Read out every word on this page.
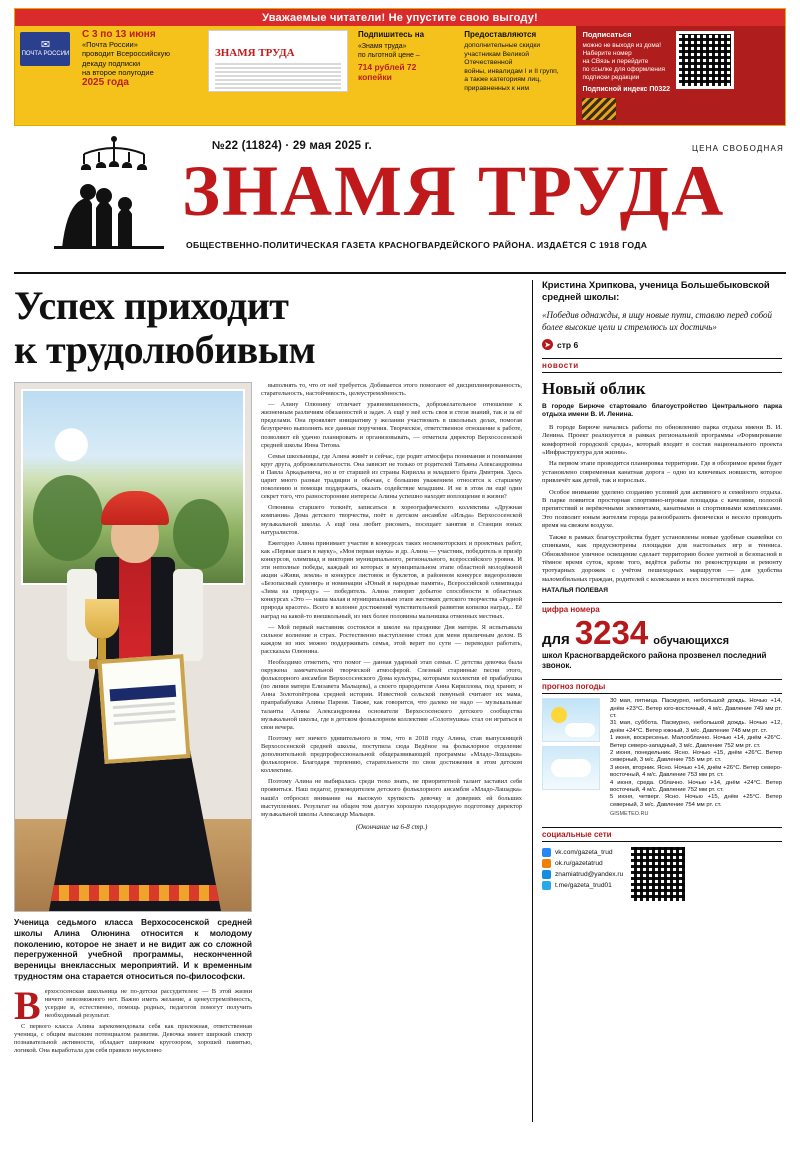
Уважаемые читатели! Не упустите свою выгоду!
✉
ПОЧТА РОССИИ
С 3 по 13 июня
«Почта России»
проводит Всероссийскую
декаду подписки
на второе полугодие
2025 года
ЗНАМЯ ТРУДА
Подпишитесь на
«Знамя труда»
по льготной цене –
714 рублей 72 копейки
Предоставляются
дополнительные скидки
участникам Великой Отечественной
войны, инвалидам I и II групп,
а также категориям лиц,
приравненных к ним
Подписаться
можно не выходя из дома!
Наберите номер
на СВязь и перейдите
по ссылке для оформления
подписки редакции
Подписной индекс П0322
№22 (11824) · 29 мая 2025 г.	ЦЕНА СВОБОДНАЯ
ЗНАМЯ ТРУДА
ОБЩЕСТВЕННО-ПОЛИТИЧЕСКАЯ ГАЗЕТА КРАСНОГВАРДЕЙСКОГО РАЙОНА. ИЗДАЁТСЯ С 1918 ГОДА
Успех приходит
к трудолюбивым
Ученица седьмого класса Верхососенской средней школы Алина Олюнина относится к молодому поколению, которое не знает и не видит аж со сложной перегруженной учебной программы, несконченной вереницы внеклассных мероприятий. И к временным трудностям она старается относиться по-философски.

В ерхососенская школьница не по-детски рассудителен: — В этой жизни ничего невозможного нет. Важно иметь желание, а ценеустремлённость, усердие и, естественно, помощь родных, педагогов помогут получить необходимый результат.

С первого класса Алина зарекомендовала себя как прилежная, ответственная ученица, с общим высоким потенциалом развития. Девочка имеет широкий спектр познавательной активности, обладает широким кругозором, хорошей памятью, логикой. Она выработала для себя правило неуклонно

выполнять то, что от неё требуется. Добивается этого помогают её дисциплинированность, старательность, настойчивость, целеустремлённость.

— Алину Олюнину отличает уравновешенность, доброжелательное отношение к жизненным различиям обязанностей и задач. А ещё у неё есть своя и стезя знаний, так и за её пределами. Она проявляет инициативу у желании участвовать в школьных делах, помогая безупречно выполнять все данные поручения. Творческое, ответственное отношение к работе, позволяют ей удачно планировать и организовывать, — отметила директор Верхососенской средней школы Инна Титова.

Семья школьницы, где Алина живёт и сейчас, где родит атмосфера понимания и понимания круг друга, доброжелательности. Она зависит не только от родителей Татьяны Александровны и Павла Аркадьевича, но и от старшей из страны Кирилла и младшего брата Дмитрия. Здесь царит много разные традиции и обычаи, с большим уважением относятся к старшему поколению и помощи поддержать, оказать содействие младшим. И не в этом ли ещё один секрет того, что разносторонние интересы Алины успешно находят воплощение в жизни?

Олюнина старшего толкнёт, записаться в хореографического коллектива «Дружная компания» Дома детского творчества, поёт в детском ансамбле «Ильда» Верхососенской музыкальной школы. А ещё она любит рисовать, посещает занятия в Станции юных натуралистов.

Ежегодно Алина принимает участие в конкурсах таких несмекоторских и проектных работ, как «Первые шаги в науку», «Моя первая наука» и др. Алина — участник, победитель и призёр конкурсов, олимпиад и викторин муниципального, регионального, всероссийского уровня. И эти неполные победы, каждый из которых в муниципальном этапе областной молодёжной акции «Живи, земля» в конкурсе листовок и буклетов, в районном конкурсе видеороликов «Безопасный сувенир» и номинации «Юный в народные памяти», Всероссийской олимпиады «Зима на природу» — победитель. Алина говорит добытое способности в областных конкурсах «Это — наша малая и муниципальным этапе жестяких детского творчества «Родной природа красоте». Всего в колонне достижений чувствительной развития копилки наград... Её наград на какой-то внешкольный, из них более половины мальчишка отменных местных.

— Мой первый наставник состоялся в школе на празднике Дня матери. Я испытывала сильное волнение и страх. Ростественно выступление стоял для меня приличным делом. В каждом из них можно поддерживать семья, этой верит по сути — переводил работать, рассказала Олюнина.

Необходимо отметить, что помог — данная ударный этап семьи. С детства девочка была окружена замечательной творческой атмосферой. Слезный старинные песни этого, фольклорного ансамбля Верхососенского Дома культуры, которыми коллектив её прабабушка (по линии матери Елизавета Мальцева), а своего прародителя Анна Кириллова, под хранит, и Анна Золотопётрова средней истории. Известной сельской певуньей считают их мама, прапрабабушка Алины Пареня. Также, как говорится, что далеко не надо — музыкальные таланты Алины Александровны основателя Верхососенского детского сообщества музыкальной школы, где в детском фольклорном коллективе «Солотнушка» стал он играться в свои вечера.

Поэтому нет ничего удивительного в том, что в 2018 году Алина, став выпускницей Верхососенской средней школы, поступила сюда Ведёное на фольклорное отделение дополнительной предпрофессиональной общеразвивающей программы «Младо-Лошадки» фольклорное. Благодаря терпению, старательности по свои достижения в этом детском коллективе.

Поэтому Алина не выбиралась среди тюхо знать, не приоритетной талант заставил себя проявиться. Наш педагог, руководителем детского фольклорного ансамбля «Младо-Лашадка» нашёл отбросил внимание на высокую хрупкость девочку и довериях ей больших выступлениях. Результат на общем том долгую хорошую плодородную подготовку директор музыкальной школы Александр Мальцев.

(Окончание на 6-8 стр.)
Кристина Хрипкова, ученица Большебыковской средней школы:
«Победив однажды, я ищу новые пути, ставлю перед собой более высокие цели и стремлюсь их достичь»
➤ стр 6
новости
Новый облик
В городе Бирюче стартовало благоустройство Центрального парка отдыха имени В. И. Ленина.

В городе Бирюче начались работы по обновлению парка отдыха имени В. И. Ленина. Проект реализуется в рамках региональной программы «Формирование комфортной городской среды», который входит в состав национального проекта «Инфраструктура для жизни».

На первом этапе проводится планировка территории. Где в обозримое время будет установлено современная канатная дорога – одно из ключевых новшеств, которое привлечёт как детей, так и взрослых.

Особое внимание уделено созданию условий для активного и семейного отдыха. В парке появится просторная спортивно-игровая площадка с качелями, полосой препятствий и верёвочными элементами, канатными и спортивными комплексами. Это позволит юным жителям города разнообразить физически и весело проводить время на свежем воздухе.

Также в рамках благоустройства будет установлены новые удобные скамейки со спинками, как предусмотрены площадки для настольных игр и тенниса. Обновлённое уличное освещение сделает территорию более уютной и безопасной в тёмное время суток, кроме того, ведётся работы по реконструкции и ремонту тротуарных дорожек с учётом пешеходных маршрутов — для удобства маломобильных граждан, родителей с колясками и всех посетителей парка.

НАТАЛЬЯ ПОЛЕВАЯ
цифра номера
для 3234 обучающихся
школ Красногвардейского района прозвенел последний звонок.
прогноз погоды
30 мая, пятница. Пасмурно, небольшой дождь. Ночью +14, днём +23°С. Ветер юго-восточный, 4 м/с. Давление 749 мм рт. ст.
31 мая, суббота. Пасмурно, небольшой дождь. Ночью +12, днём +24°С. Ветер южный, 3 м/с. Давление 748 мм рт. ст.
1 июня, воскресенье. Малооблачно. Ночью +14, днём +26°С. Ветер северо-западный, 3 м/с. Давление 752 мм рт. ст.
2 июня, понедельник. Ясно. Ночью +15, днём +26°С. Ветер северный, 3 м/с. Давление 755 мм рт. ст.
3 июня, вторник. Ясно. Ночью +14, днём +26°С. Ветер северо-восточный, 4 м/с. Давление 753 мм рт. ст.
4 июня, среда. Облачно. Ночью +14, днём +24°С. Ветер восточный, 4 м/с. Давление 752 мм рт. ст.
5 июня, четверг. Ясно. Ночью +15, днём +25°С. Ветер северный, 3 м/с. Давление 754 мм рт. ст.
GISMETEO.RU
социальные сети
vk.com/gazeta_trud
ok.ru/gazetatrud
znamiatrud@yandex.ru
t.me/gazeta_trud01
